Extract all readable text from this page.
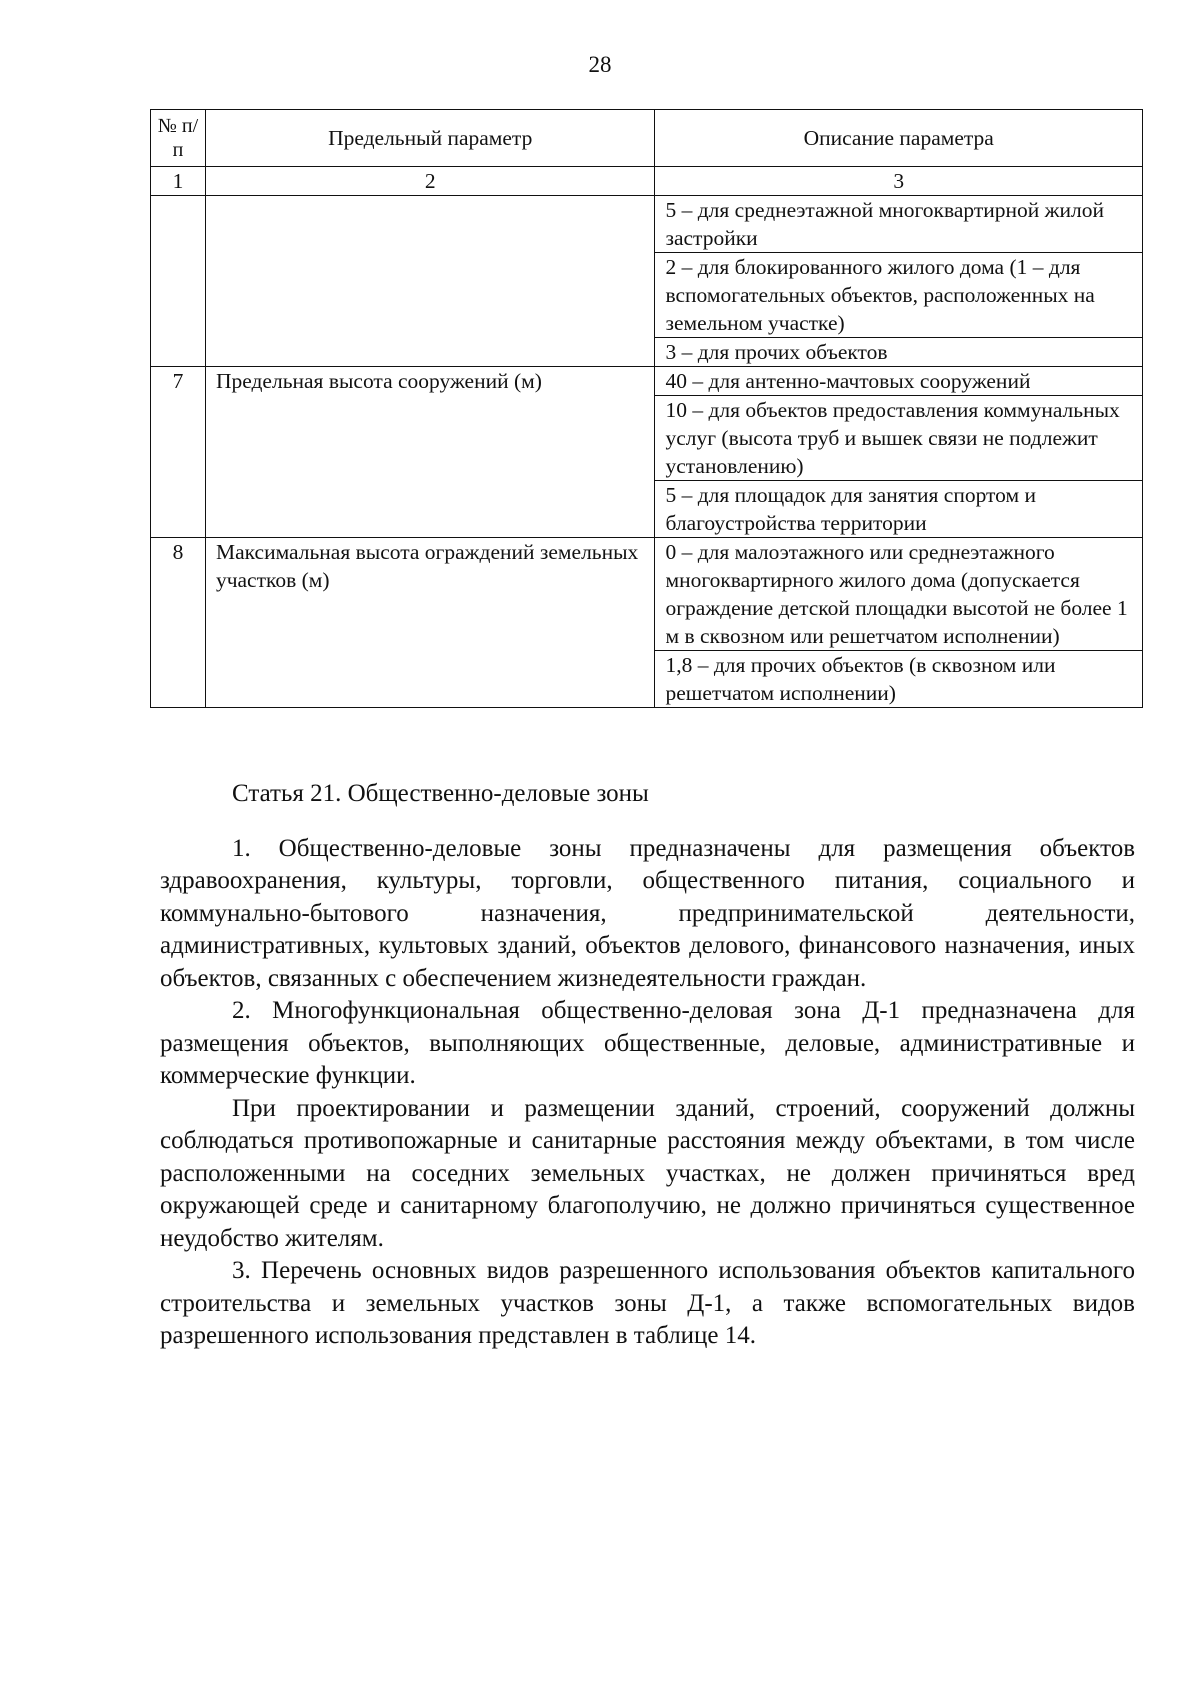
28
№ п/п	Предельный параметр	Описание параметра
1	2	3
		5 – для среднеэтажной многоквартирной жилой застройки
		2 – для блокированного жилого дома (1 – для вспомогательных объектов, расположенных на земельном участке)
		3 – для прочих объектов
7	Предельная высота сооружений (м)	40 – для антенно-мачтовых сооружений
		10 – для объектов предоставления коммунальных услуг (высота труб и вышек связи не подлежит установлению)
		5 – для площадок для занятия спортом и благоустройства территории
8	Максимальная высота ограждений земельных участков (м)	0 – для малоэтажного или среднеэтажного многоквартирного жилого дома (допускается ограждение детской площадки высотой не более 1 м в сквозном или решетчатом исполнении)
		1,8 – для прочих объектов (в сквозном или решетчатом исполнении)

Статья 21. Общественно-деловые зоны

1. Общественно-деловые зоны предназначены для размещения объектов здравоохранения, культуры, торговли, общественного питания, социального и коммунально-бытового назначения, предпринимательской деятельности, административных, культовых зданий, объектов делового, финансового назначения, иных объектов, связанных с обеспечением жизнедеятельности граждан.

2. Многофункциональная общественно-деловая зона Д-1 предназначена для размещения объектов, выполняющих общественные, деловые, административные и коммерческие функции.

При проектировании и размещении зданий, строений, сооружений должны соблюдаться противопожарные и санитарные расстояния между объектами, в том числе расположенными на соседних земельных участках, не должен причиняться вред окружающей среде и санитарному благополучию, не должно причиняться существенное неудобство жителям.

3. Перечень основных видов разрешенного использования объектов капитального строительства и земельных участков зоны Д-1, а также вспомогательных видов разрешенного использования представлен в таблице 14.
